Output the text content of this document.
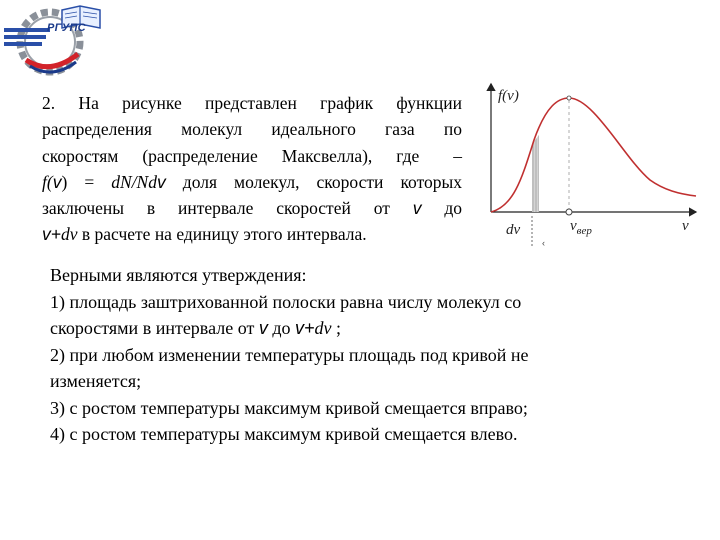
РГУПС
2. На рисунке представлен график функции
распределения молекул идеального газа по
скоростям (распределение Максвелла), где –
f(v) = dN/Ndv доля молекул, скорости которых
заключены в интервале скоростей от v до
v+dv в расчете на единицу этого интервала.	‹
f(v)
dv	$v_{вер}$	v
Верными являются утверждения:
1) площадь заштрихованной полоски равна числу молекул со
скоростями в интервале от v до v+dv ;
2) при любом изменении температуры площадь под кривой не
изменяется;
3) с ростом температуры максимум кривой смещается вправо;
4) с ростом температуры максимум кривой смещается влево.
